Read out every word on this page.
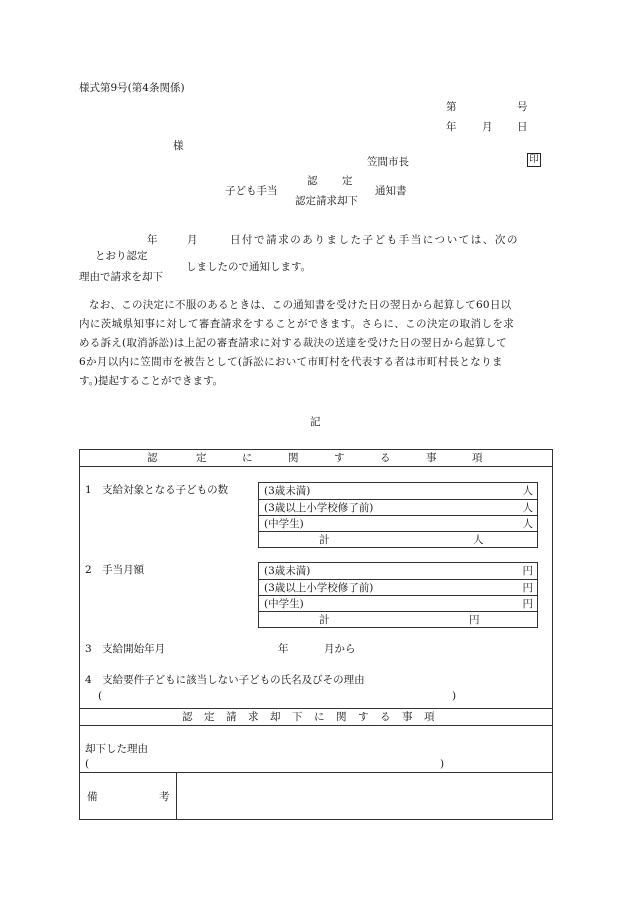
様式第9号(第4条関係)
第	号
年 月 日
様
笠間市長	印
認 定
子ども手当	通知書
認定請求却下
年	月	日付で請求のありました子ども手当については、次の
とおり認定
しましたので通知します。
理由で請求を却下
なお、この決定に不服のあるときは、この通知書を受けた日の翌日から起算して60日以
内に茨城県知事に対して審査請求をすることができます。さらに、この決定の取消しを求
める訴え(取消訴訟)は上記の審査請求に対する裁決の送達を受けた日の翌日から起算して
6か月以内に笠間市を被告として(訴訟において市町村を代表する者は市町村長となりま
す。)提起することができます。
記
認	定	に	関	す	る	事	項
1　支給対象となる子どもの数	(3歳未満)	人
(3歳以上小学校修了前)	人
(中学生)	人
計	人
2　手当月額	(3歳未満)	円
(3歳以上小学校修了前)	円
(中学生)	円
計	円
3　支給開始年月	年	月から
4　支給要件子どもに該当しない子どもの氏名及びその理由
(	)
認 定 請 求 却 下 に 関 す る 事 項
却下した理由
(	)
備	考
